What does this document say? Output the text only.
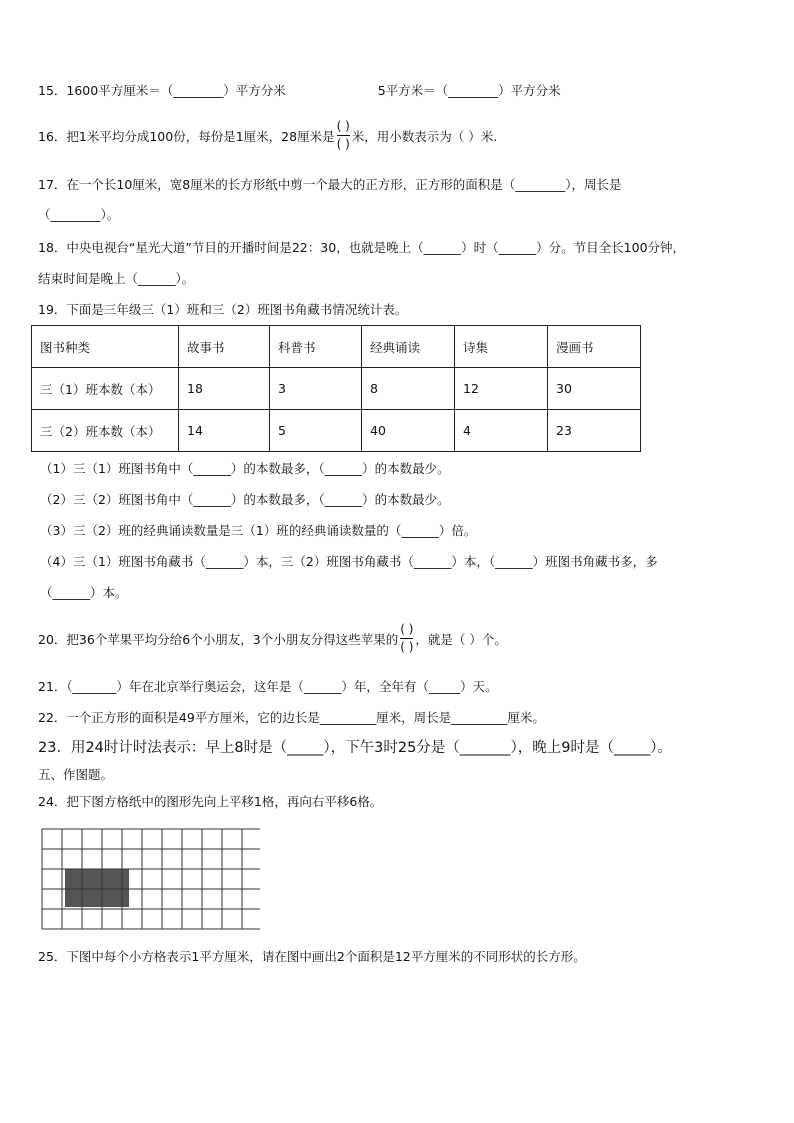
15．1600平方厘米＝（________）平方分米	5平方米＝（________）平方分米
16．把1米平均分成100份，每份是1厘米，28厘米是 $\frac{( )}{( )}$ 米，用小数表示为（ ）米.
17．在一个长10厘米，宽8厘米的长方形纸中剪一个最大的正方形，正方形的面积是（________），周长是
（________）。
18．中央电视台“星光大道”节目的开播时间是22：30，也就是晚上（______）时（______）分。节目全长100分钟，
结束时间是晚上（______）。
19．下面是三年级三（1）班和三（2）班图书角藏书情况统计表。
图书种类	故事书	科普书	经典诵读	诗集	漫画书
三（1）班本数（本）	18	3	8	12	30
三（2）班本数（本）	14	5	40	4	23
（1）三（1）班图书角中（______）的本数最多，（______）的本数最少。
（2）三（2）班图书角中（______）的本数最多，（______）的本数最少。
（3）三（2）班的经典诵读数量是三（1）班的经典诵读数量的（______）倍。
（4）三（1）班图书角藏书（______）本，三（2）班图书角藏书（______）本，（______）班图书角藏书多，多
（______）本。
20．把36个苹果平均分给6个小朋友，3个小朋友分得这些苹果的 $\frac{( )}{( )}$ ，就是（ ）个。
21．（_______）年在北京举行奥运会，这年是（______）年，全年有（_____）天。
22．一个正方形的面积是49平方厘米，它的边长是_________厘米，周长是_________厘米。
23．用24时计时法表示：早上8时是（_____），下午3时25分是（_______），晚上9时是（_____）。
五、作图题。
24．把下图方格纸中的图形先向上平移1格，再向右平移6格。
25．下图中每个小方格表示1平方厘米，请在图中画出2个面积是12平方厘米的不同形状的长方形。
